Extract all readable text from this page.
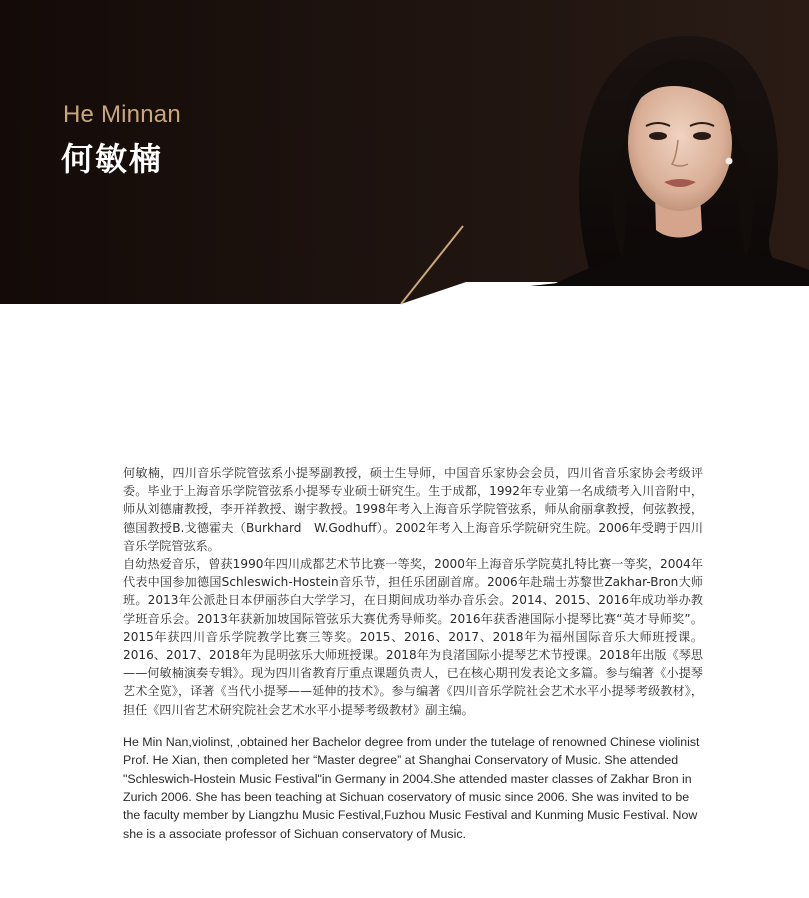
He Minnan
何敏楠

何敏楠，四川音乐学院管弦系小提琴副教授，硕士生导师，中国音乐家协会会员，四川省音乐家协会考级评委。毕业于上海音乐学院管弦系小提琴专业硕士研究生。生于成都，1992年专业第一名成绩考入川音附中，师从刘德庸教授，李开祥教授、谢宇教授。1998年考入上海音乐学院管弦系，师从俞丽拿教授，何弦教授，德国教授B.戈德霍夫（Burkhard　W.Godhuff）。2002年考入上海音乐学院研究生院。2006年受聘于四川音乐学院管弦系。

自幼热爱音乐，曾获1990年四川成都艺术节比赛一等奖，2000年上海音乐学院莫扎特比赛一等奖，2004年代表中国参加德国Schleswich-Hostein音乐节，担任乐团副首席。2006年赴瑞士苏黎世Zakhar-Bron大师班。2013年公派赴日本伊丽莎白大学学习，在日期间成功举办音乐会。2014、2015、2016年成功举办教学班音乐会。2013年获新加坡国际管弦乐大赛优秀导师奖。2016年获香港国际小提琴比赛“英才导师奖”。2015年获四川音乐学院教学比赛三等奖。2015、2016、2017、2018年为福州国际音乐大师班授课。2016、2017、2018年为昆明弦乐大师班授课。2018年为良渚国际小提琴艺术节授课。2018年出版《琴思——何敏楠演奏专辑》。现为四川省教育厅重点课题负责人，已在核心期刊发表论文多篇。参与编著《小提琴艺术全览》，译著《当代小提琴——延伸的技术》。参与编著《四川音乐学院社会艺术水平小提琴考级教材》，担任《四川省艺术研究院社会艺术水平小提琴考级教材》副主编。

He Min Nan,violinst, ,obtained her Bachelor degree from under the tutelage of renowned Chinese violinist Prof. He Xian, then completed her “Master degree” at Shanghai Conservatory of Music. She attended "Schleswich-Hostein Music Festival"in Germany in 2004.She attended master classes of Zakhar Bron in Zurich 2006. She has been teaching at Sichuan coservatory of music since 2006. She was invited to be the faculty member by Liangzhu Music Festival,Fuzhou Music Festival and Kunming Music Festival. Now she is a associate professor of Sichuan conservatory of Music.
